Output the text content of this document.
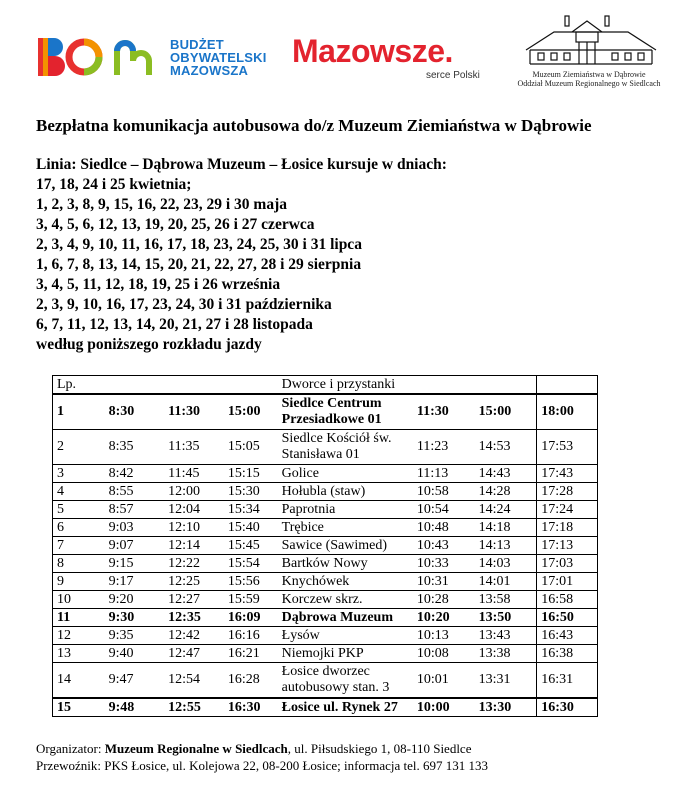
BUDŻET
OBYWATELSKI
MAZOWSZA
Mazowsze.
serce Polski	Muzeum Ziemiaństwa w Dąbrowie
Oddział Muzeum Regionalnego w Siedlcach
Bezpłatna komunikacja autobusowa do/z Muzeum Ziemiaństwa w Dąbrowie
Linia: Siedlce – Dąbrowa Muzeum – Łosice kursuje w dniach:
17, 18, 24 i 25 kwietnia;
1, 2, 3, 8, 9, 15, 16, 22, 23, 29 i 30 maja
3, 4, 5, 6, 12, 13, 19, 20, 25, 26 i 27 czerwca
2, 3, 4, 9, 10, 11, 16, 17, 18, 23, 24, 25, 30 i 31 lipca
1, 6, 7, 8, 13, 14, 15, 20, 21, 22, 27, 28 i 29 sierpnia
3, 4, 5, 11, 12, 18, 19, 25 i 26 września
2, 3, 9, 10, 16, 17, 23, 24, 30 i 31 października
6, 7, 11, 12, 13, 14, 20, 21, 27 i 28 listopada
według poniższego rozkładu jazdy
Lp.				Dworce i przystanki			
1	8:30	11:30	15:00	Siedlce Centrum Przesiadkowe 01	11:30	15:00	18:00
2	8:35	11:35	15:05	Siedlce Kościół św. Stanisława 01	11:23	14:53	17:53
3	8:42	11:45	15:15	Golice	11:13	14:43	17:43
4	8:55	12:00	15:30	Hołubla (staw)	10:58	14:28	17:28
5	8:57	12:04	15:34	Paprotnia	10:54	14:24	17:24
6	9:03	12:10	15:40	Trębice	10:48	14:18	17:18
7	9:07	12:14	15:45	Sawice (Sawimed)	10:43	14:13	17:13
8	9:15	12:22	15:54	Bartków Nowy	10:33	14:03	17:03
9	9:17	12:25	15:56	Knychówek	10:31	14:01	17:01
10	9:20	12:27	15:59	Korczew skrz.	10:28	13:58	16:58
11	9:30	12:35	16:09	Dąbrowa Muzeum	10:20	13:50	16:50
12	9:35	12:42	16:16	Łysów	10:13	13:43	16:43
13	9:40	12:47	16:21	Niemojki PKP	10:08	13:38	16:38
14	9:47	12:54	16:28	Łosice dworzec autobusowy stan. 3	10:01	13:31	16:31
15	9:48	12:55	16:30	Łosice ul. Rynek 27	10:00	13:30	16:30
Organizator: Muzeum Regionalne w Siedlcach, ul. Piłsudskiego 1, 08-110 Siedlce
Przewoźnik: PKS Łosice, ul. Kolejowa 22, 08-200 Łosice; informacja tel. 697 131 133
